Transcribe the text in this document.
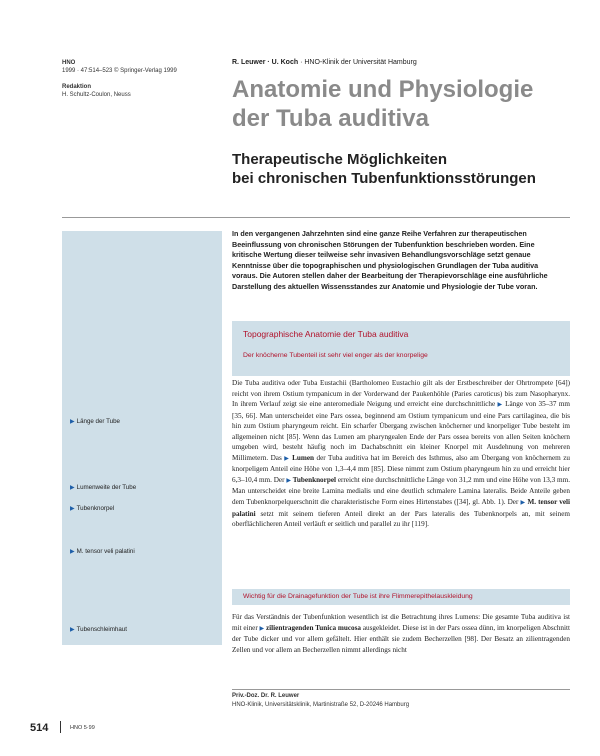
HNO
1999 · 47:514–523 © Springer-Verlag 1999
Redaktion
H. Schultz-Coulon, Neuss
R. Leuwer · U. Koch · HNO-Klinik der Universität Hamburg
Anatomie und Physiologie
der Tuba auditiva
Therapeutische Möglichkeiten
bei chronischen Tubenfunktionsstörungen

In den vergangenen Jahrzehnten sind eine ganze Reihe Verfahren zur therapeutischen Beeinflussung von chronischen Störungen der Tubenfunktion beschrieben worden. Eine kritische Wertung dieser teilweise sehr invasiven Behandlungsvorschläge setzt genaue Kenntnisse über die topographischen und physiologischen Grundlagen der Tuba auditiva voraus. Die Autoren stellen daher der Bearbeitung der Therapievorschläge eine ausführliche Darstellung des aktuellen Wissensstandes zur Anatomie und Physiologie der Tube voran.

Topographische Anatomie der Tuba auditiva
Der knöcherne Tubenteil ist sehr viel enger als der knorpelige

Die Tuba auditiva oder Tuba Eustachii (Bartholomeo Eustachio gilt als der Erstbeschreiber der Ohrtrompete [64]) reicht von ihrem Ostium tympanicum in der Vorderwand der Paukenhöhle (Paries caroticus) bis zum Nasopharynx. In ihrem Verlauf zeigt sie eine anteromediale Neigung und erreicht eine durchschnittliche ▶ Länge von 35–37 mm [35, 66]. Man unterscheidet eine Pars ossea, beginnend am Ostium tympanicum und eine Pars cartilaginea, die bis hin zum Ostium pharyngeum reicht. Ein scharfer Übergang zwischen knöcherner und knorpeliger Tube besteht im allgemeinen nicht [85]. Wenn das Lumen am pharyngealen Ende der Pars ossea bereits von allen Seiten knöchern umgeben wird, besteht häufig noch im Dachabschnitt ein kleiner Knorpel mit Ausdehnung von mehreren Millimetern. Das ▶ Lumen der Tuba auditiva hat im Bereich des Isthmus, also am Übergang von knöchernem zu knorpeligem Anteil eine Höhe von 1,3–4,4 mm [85]. Diese nimmt zum Ostium pharyngeum hin zu und erreicht hier 6,3–10,4 mm. Der ▶ Tubenknorpel erreicht eine durchschnittliche Länge von 31,2 mm und eine Höhe von 13,3 mm. Man unterscheidet eine breite Lamina medialis und eine deutlich schmalere Lamina lateralis. Beide Anteile geben dem Tubenknorpelquerschnitt die charakteristische Form eines Hirtenstabes ([34], gl. Abb. 1). Der ▶ M. tensor veli palatini setzt mit seinem tieferen Anteil direkt an der Pars lateralis des Tubenknorpels an, mit seinem oberflächlicheren Anteil verläuft er seitlich und parallel zu ihr [119].

Wichtig für die Drainagefunktion der Tube ist ihre Flimmerepithelauskleidung

Für das Verständnis der Tubenfunktion wesentlich ist die Betrachtung ihres Lumens: Die gesamte Tuba auditiva ist mit einer ▶ zilientragenden Tunica mucosa ausgekleidet. Diese ist in der Pars ossea dünn, im knorpeligen Abschnitt der Tube dicker und vor allem gefältelt. Hier enthält sie zudem Becherzellen [98]. Der Besatz an zilientragenden Zellen und vor allem an Becherzellen nimmt allerdings nicht

▶ Länge der Tube
▶ Lumenweite der Tube
▶ Tubenknorpel
▶ M. tensor veli palatini
▶ Tubenschleimhaut
Priv.-Doz. Dr. R. Leuwer
HNO-Klinik, Universitätsklinik, Martinistraße 52, D-20246 Hamburg
514	HNO 5·99
